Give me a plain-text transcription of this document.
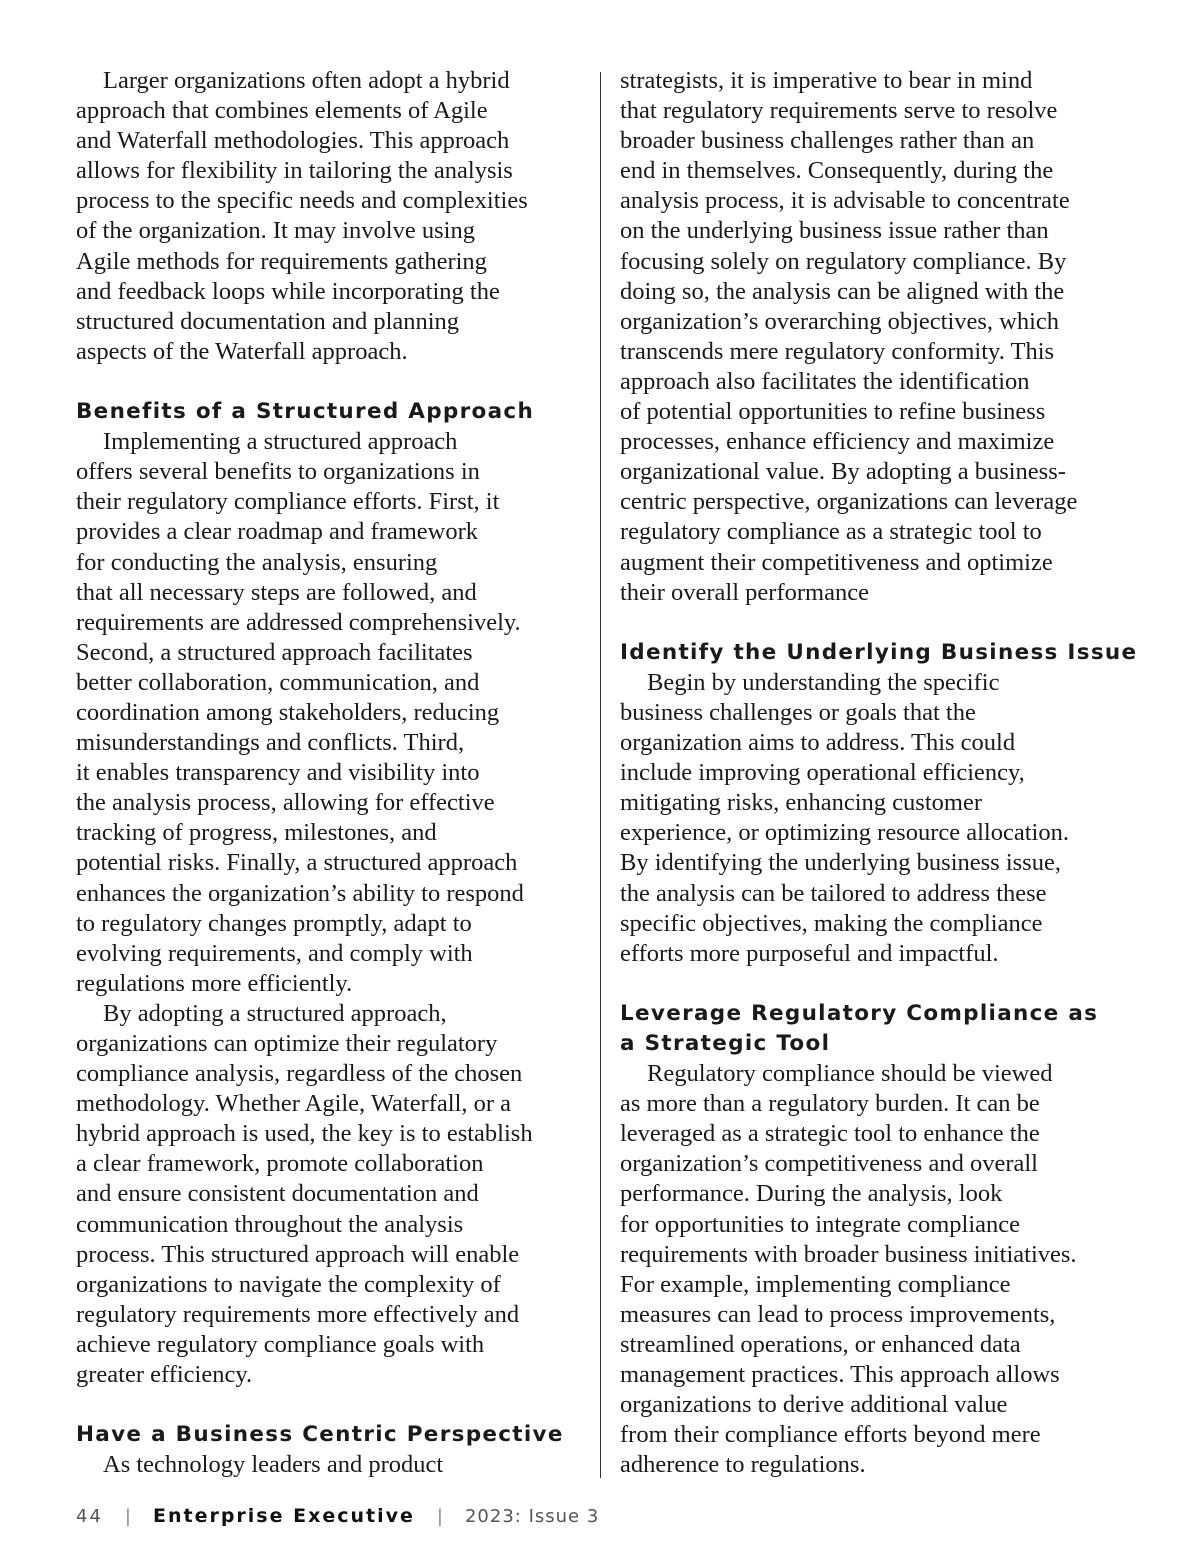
Larger organizations often adopt a hybrid
approach that combines elements of Agile
and Waterfall methodologies. This approach
allows for flexibility in tailoring the analysis
process to the specific needs and complexities
of the organization. It may involve using
Agile methods for requirements gathering
and feedback loops while incorporating the
structured documentation and planning
aspects of the Waterfall approach.
Benefits of a Structured Approach
Implementing a structured approach
offers several benefits to organizations in
their regulatory compliance efforts. First, it
provides a clear roadmap and framework
for conducting the analysis, ensuring
that all necessary steps are followed, and
requirements are addressed comprehensively.
Second, a structured approach facilitates
better collaboration, communication, and
coordination among stakeholders, reducing
misunderstandings and conflicts. Third,
it enables transparency and visibility into
the analysis process, allowing for effective
tracking of progress, milestones, and
potential risks. Finally, a structured approach
enhances the organization’s ability to respond
to regulatory changes promptly, adapt to
evolving requirements, and comply with
regulations more efficiently.
By adopting a structured approach,
organizations can optimize their regulatory
compliance analysis, regardless of the chosen
methodology. Whether Agile, Waterfall, or a
hybrid approach is used, the key is to establish
a clear framework, promote collaboration
and ensure consistent documentation and
communication throughout the analysis
process. This structured approach will enable
organizations to navigate the complexity of
regulatory requirements more effectively and
achieve regulatory compliance goals with
greater efficiency.
Have a Business Centric Perspective
As technology leaders and product
strategists, it is imperative to bear in mind
that regulatory requirements serve to resolve
broader business challenges rather than an
end in themselves. Consequently, during the
analysis process, it is advisable to concentrate
on the underlying business issue rather than
focusing solely on regulatory compliance. By
doing so, the analysis can be aligned with the
organization’s overarching objectives, which
transcends mere regulatory conformity. This
approach also facilitates the identification
of potential opportunities to refine business
processes, enhance efficiency and maximize
organizational value. By adopting a business-
centric perspective, organizations can leverage
regulatory compliance as a strategic tool to
augment their competitiveness and optimize
their overall performance
Identify the Underlying Business Issue
Begin by understanding the specific
business challenges or goals that the
organization aims to address. This could
include improving operational efficiency,
mitigating risks, enhancing customer
experience, or optimizing resource allocation.
By identifying the underlying business issue,
the analysis can be tailored to address these
specific objectives, making the compliance
efforts more purposeful and impactful.
Leverage Regulatory Compliance as
a Strategic Tool
Regulatory compliance should be viewed
as more than a regulatory burden. It can be
leveraged as a strategic tool to enhance the
organization’s competitiveness and overall
performance. During the analysis, look
for opportunities to integrate compliance
requirements with broader business initiatives.
For example, implementing compliance
measures can lead to process improvements,
streamlined operations, or enhanced data
management practices. This approach allows
organizations to derive additional value
from their compliance efforts beyond mere
adherence to regulations.
44 | Enterprise Executive | 2023: Issue 3
